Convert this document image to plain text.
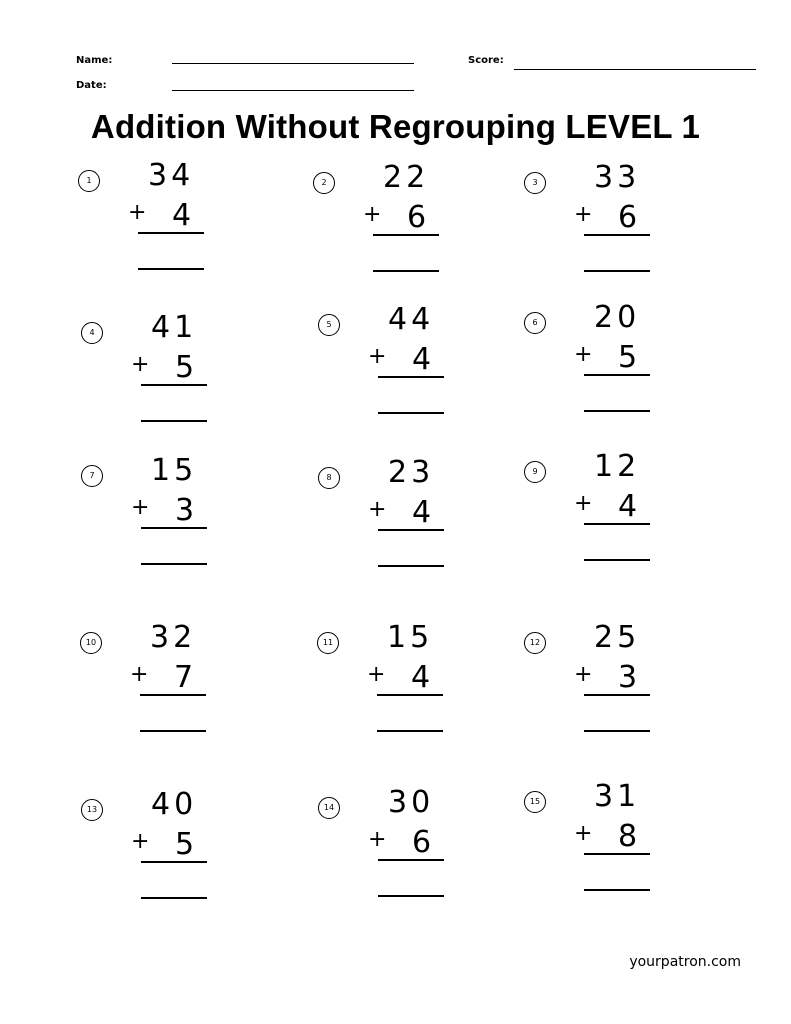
Name:
Date:
Score:
Addition Without Regrouping LEVEL 1
1 34
+ 4
2 22
+ 6
3 33
+ 6
4 41
+ 5
5 44
+ 4
6 20
+ 5
7 15
+ 3
8 23
+ 4
9 12
+ 4
10 32
+ 7
11 15
+ 4
12 25
+ 3
13 40
+ 5
14 30
+ 6
15 31
+ 8
yourpatron.com
